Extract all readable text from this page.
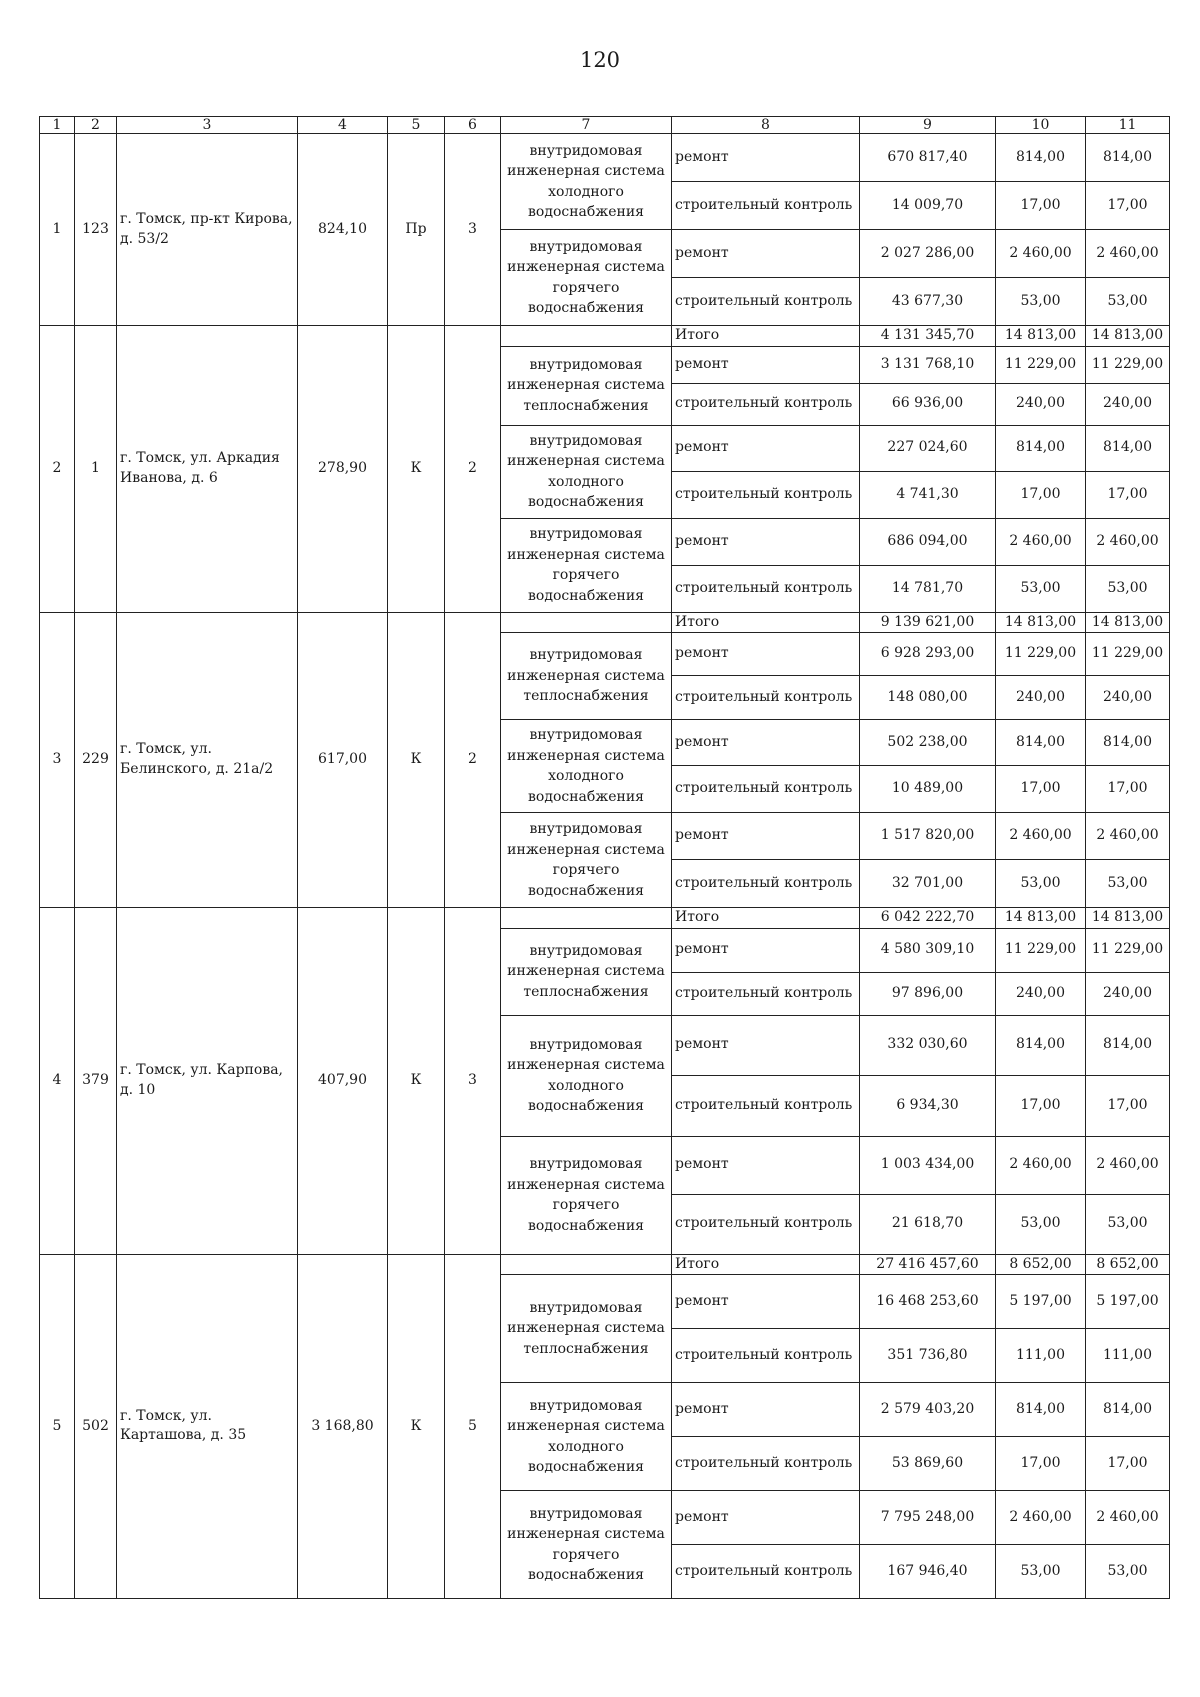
120
1	2	3	4	5	6	7	8	9	10	11
1	123	г. Томск, пр-кт Кирова, д. 53/2	824,10	Пр	3	внутридомовая инженерная система холодного водоснабжения	ремонт	670 817,40	814,00	814,00
							строительный контроль	14 009,70	17,00	17,00
						внутридомовая инженерная система горячего водоснабжения	ремонт	2 027 286,00	2 460,00	2 460,00
							строительный контроль	43 677,30	53,00	53,00
2	1	г. Томск, ул. Аркадия Иванова, д. 6	278,90	К	2		Итого	4 131 345,70	14 813,00	14 813,00
						внутридомовая инженерная система теплоснабжения	ремонт	3 131 768,10	11 229,00	11 229,00
							строительный контроль	66 936,00	240,00	240,00
						внутридомовая инженерная система холодного водоснабжения	ремонт	227 024,60	814,00	814,00
							строительный контроль	4 741,30	17,00	17,00
						внутридомовая инженерная система горячего водоснабжения	ремонт	686 094,00	2 460,00	2 460,00
							строительный контроль	14 781,70	53,00	53,00
3	229	г. Томск, ул. Белинского, д. 21а/2	617,00	К	2		Итого	9 139 621,00	14 813,00	14 813,00
						внутридомовая инженерная система теплоснабжения	ремонт	6 928 293,00	11 229,00	11 229,00
							строительный контроль	148 080,00	240,00	240,00
						внутридомовая инженерная система холодного водоснабжения	ремонт	502 238,00	814,00	814,00
							строительный контроль	10 489,00	17,00	17,00
						внутридомовая инженерная система горячего водоснабжения	ремонт	1 517 820,00	2 460,00	2 460,00
							строительный контроль	32 701,00	53,00	53,00
4	379	г. Томск, ул. Карпова, д. 10	407,90	К	3		Итого	6 042 222,70	14 813,00	14 813,00
						внутридомовая инженерная система теплоснабжения	ремонт	4 580 309,10	11 229,00	11 229,00
							строительный контроль	97 896,00	240,00	240,00
						внутридомовая инженерная система холодного водоснабжения	ремонт	332 030,60	814,00	814,00
							строительный контроль	6 934,30	17,00	17,00
						внутридомовая инженерная система горячего водоснабжения	ремонт	1 003 434,00	2 460,00	2 460,00
							строительный контроль	21 618,70	53,00	53,00
5	502	г. Томск, ул. Карташова, д. 35	3 168,80	К	5		Итого	27 416 457,60	8 652,00	8 652,00
						внутридомовая инженерная система теплоснабжения	ремонт	16 468 253,60	5 197,00	5 197,00
							строительный контроль	351 736,80	111,00	111,00
						внутридомовая инженерная система холодного водоснабжения	ремонт	2 579 403,20	814,00	814,00
							строительный контроль	53 869,60	17,00	17,00
						внутридомовая инженерная система горячего водоснабжения	ремонт	7 795 248,00	2 460,00	2 460,00
							строительный контроль	167 946,40	53,00	53,00
